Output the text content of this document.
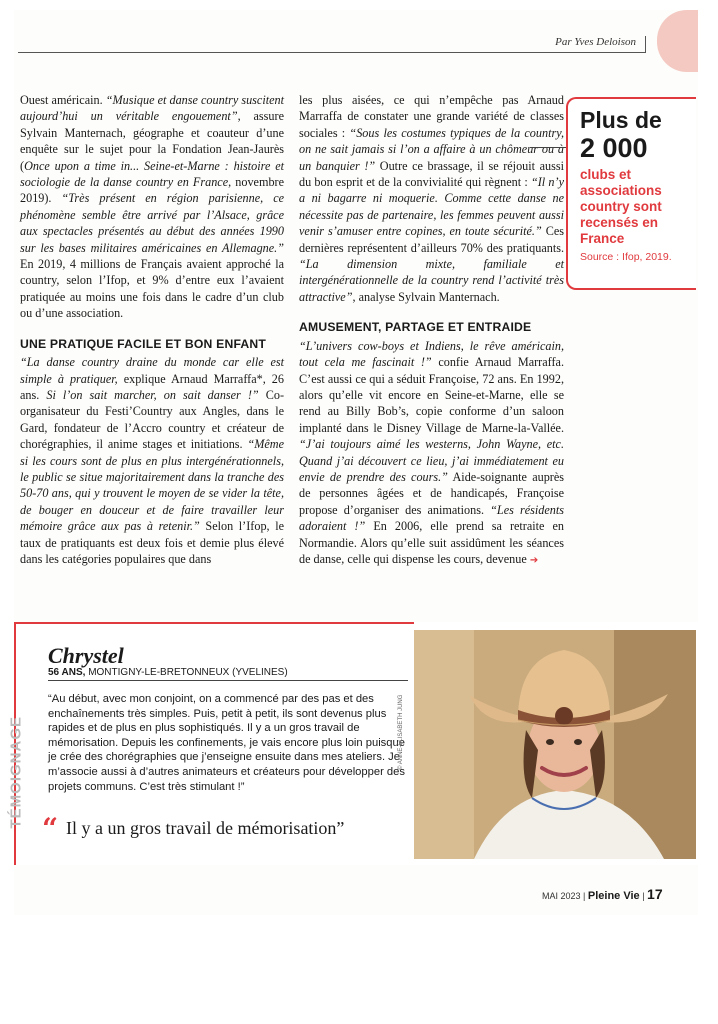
Par Yves Deloison

Ouest américain. “Musique et danse country suscitent aujourd’hui un véritable engouement”, assure Sylvain Manternach, géographe et coauteur d’une enquête sur le sujet pour la Fondation Jean-Jaurès (Once upon a time in... Seine-et-Marne : histoire et sociologie de la danse country en France, novembre 2019). “Très présent en région parisienne, ce phénomène semble être arrivé par l’Alsace, grâce aux spectacles présentés au début des années 1990 sur les bases militaires américaines en Allemagne.” En 2019, 4 millions de Français avaient approché la country, selon l’Ifop, et 9% d’entre eux l’avaient pratiquée au moins une fois dans le cadre d’un club ou d’une association.

UNE PRATIQUE FACILE ET BON ENFANT

“La danse country draine du monde car elle est simple à pratiquer, explique Arnaud Marraffa*, 26 ans. Si l’on sait marcher, on sait danser !” Co-organisateur du Festi’Country aux Angles, dans le Gard, fondateur de l’Accro country et créateur de chorégraphies, il anime stages et initiations. “Même si les cours sont de plus en plus intergénérationnels, le public se situe majoritairement dans la tranche des 50-70 ans, qui y trouvent le moyen de se vider la tête, de bouger en douceur et de faire travailler leur mémoire grâce aux pas à retenir.” Selon l’Ifop, le taux de pratiquants est deux fois et demie plus élevé dans les catégories populaires que dans

les plus aisées, ce qui n’empêche pas Arnaud Marraffa de constater une grande variété de classes sociales : “Sous les costumes typiques de la country, on ne sait jamais si l’on a affaire à un chômeur ou à un banquier !” Outre ce brassage, il se réjouit aussi du bon esprit et de la convivialité qui règnent : “Il n’y a ni bagarre ni moquerie. Comme cette danse ne nécessite pas de partenaire, les femmes peuvent aussi venir s’amuser entre copines, en toute sécurité.” Ces dernières représentent d’ailleurs 70% des pratiquants. “La dimension mixte, familiale et intergénérationnelle de la country rend l’activité très attractive”, analyse Sylvain Manternach.

AMUSEMENT, PARTAGE ET ENTRAIDE

“L’univers cow-boys et Indiens, le rêve américain, tout cela me fascinait !” confie Arnaud Marraffa. C’est aussi ce qui a séduit Françoise, 72 ans. En 1992, alors qu’elle vit encore en Seine-et-Marne, elle se rend au Billy Bob’s, copie conforme d’un saloon implanté dans le Disney Village de Marne-la-Vallée. “J’ai toujours aimé les westerns, John Wayne, etc. Quand j’ai découvert ce lieu, j’ai immédiatement eu envie de prendre des cours.” Aide-soignante auprès de personnes âgées et de handicapés, Françoise propose d’organiser des animations. “Les résidents adoraient !” En 2006, elle prend sa retraite en Normandie. Alors qu’elle suit assidûment les séances de danse, celle qui dispense les cours, devenue ➔

Plus de
2 000
clubs et associations country sont recensés en France
Source : Ifop, 2019.
TÉMOIGNAGE
Chrystel
56 ANS, MONTIGNY-LE-BRETONNEUX (YVELINES)
“Au début, avec mon conjoint, on a commencé par des pas et des enchaînements très simples. Puis, petit à petit, ils sont devenus plus rapides et de plus en plus sophistiqués. Il y a un gros travail de mémorisation. Depuis les confinements, je vais encore plus loin puisque je crée des chorégraphies que j’enseigne ensuite dans mes ateliers. Je m’associe aussi à d’autres animateurs et créateurs pour développer des projets communs. C’est très stimulant !”
“ Il y a un gros travail de mémorisation”
© ANNE-ELISABETH JUNG
MAI 2023 | Pleine Vie | 17
